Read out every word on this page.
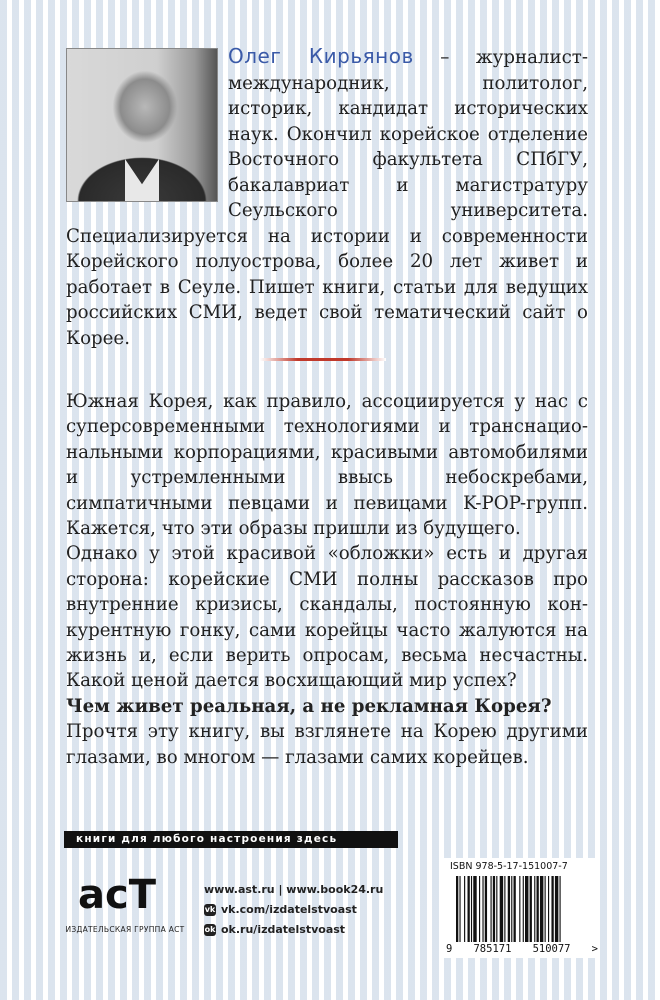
Олег Кирьянов – журналист-международник, политолог, историк, кандидат исторических наук. Окончил корейское отделение Восточного факультета СПбГУ, бакалавриат и магистратуру Сеульского университета. Специализируется на истории и современности Корейского полуострова, более 20 лет живет и работает в Сеуле. Пишет книги, статьи для ведущих российских СМИ, ведет свой тематический сайт о Корее.

Южная Корея, как правило, ассоциируется у нас с суперсовременными технологиями и транснациональными корпорациями, красивыми автомобилями и устремленными ввысь небоскребами, симпатичными певцами и певицами K-POP-групп. Кажется, что эти образы пришли из будущего.

Однако у этой красивой «обложки» есть и другая сторона: корейские СМИ полны рассказов про внутренние кризисы, скандалы, постоянную конкурентную гонку, сами корейцы часто жалуются на жизнь и, если верить опросам, весьма несчастны. Какой ценой дается восхищающий мир успех?

Чем живет реальная, а не рекламная Корея?

Прочтя эту книгу, вы взглянете на Корею другими глазами, во многом — глазами самих корейцев.

книги для любого настроения здесь
acT
ИЗДАТЕЛЬСКАЯ ГРУППА АСТ
www.ast.ru | www.book24.ru
vk vk.com/izdatelstvoast
ok ok.ru/izdatelstvoast
ISBN 978-5-17-151007-7
9 785171 510077 >
